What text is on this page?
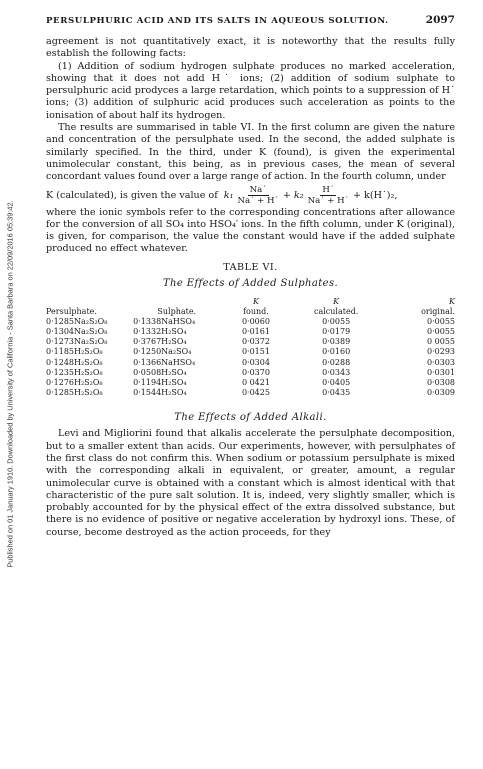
Published on 01 January 1910. Downloaded by University of California - Santa Barbara on 22/09/2016 05:39:42.
PERSULPHURIC ACID AND ITS SALTS IN AQUEOUS SOLUTION.	2097

agreement is not quantitatively exact, it is noteworthy that the results fully establish the following facts:

(1) Addition of sodium hydrogen sulphate produces no marked acceleration, showing that it does not add H˙ ions; (2) addition of sodium sulphate to persulphuric acid prodyces a large retardation, which points to a suppression of H˙ ions; (3) addition of sulphuric acid produces such acceleration as points to the ionisation of about half its hydrogen.

The results are summarised in table VI. In the first column are given the nature and concentration of the persulphate used. In the second, the added sulphate is similarly specified. In the third, under K (found), is given the experimental unimolecular constant, this being, as in previous cases, the mean of several concordant values found over a large range of action. In the fourth column, under

K (calculated), is given the value of $k_1 \frac{Na˙}{Na˙ + H˙} + k_2 \frac{H˙}{Na˙ + H˙}$ + k(H˙)₂,

where the ionic symbols refer to the corresponding concentrations after allowance for the conversion of all SO₄ into HSO₄′ ions. In the fifth column, under K (original), is given, for comparison, the value the constant would have if the added sulphate produced no effect whatever.

TABLE VI.
The Effects of Added Sulphates.
Persulphate.	Sulphate.
K
found.
K
calculated.
K
original.
0·1285Na₂S₂O₈	0·1338NaHSO₄	0·0060	0·0055	0·0055
0·1304Na₂S₂O₈	0·1332H₂SO₄	0·0161	0·0179	0·0055
0·1273Na₂S₂O₈	0·3767H₂SO₄	0·0372	0·0389	0 0055
0·1185H₂S₂O₈	0·1250Na₂SO₄	0·0151	0·0160	0·0293
0·1248H₂S₂O₈	0·1366NaHSO₄	0·0304	0·0288	0·0303
0·1235H₂S₂O₈	0·0508H₂SO₄	0·0370	0·0343	0·0301
0·1276H₂S₂O₈	0·1194H₂SO₄	0 0421	0·0405	0·0308
0·1285H₂S₂O₈	0·1544H₂SO₄	0·0425	0·0435	0·0309
The Effects of Added Alkali.

Levi and Migliorini found that alkalis accelerate the persulphate decomposition, but to a smaller extent than acids. Our experiments, however, with persulphates of the first class do not confirm this. When sodium or potassium persulphate is mixed with the corresponding alkali in equivalent, or greater, amount, a regular unimolecular curve is obtained with a constant which is almost identical with that characteristic of the pure salt solution. It is, indeed, very slightly smaller, which is probably accounted for by the physical effect of the extra dissolved substance, but there is no evidence of positive or negative acceleration by hydroxyl ions. These, of course, become destroyed as the action proceeds, for they
